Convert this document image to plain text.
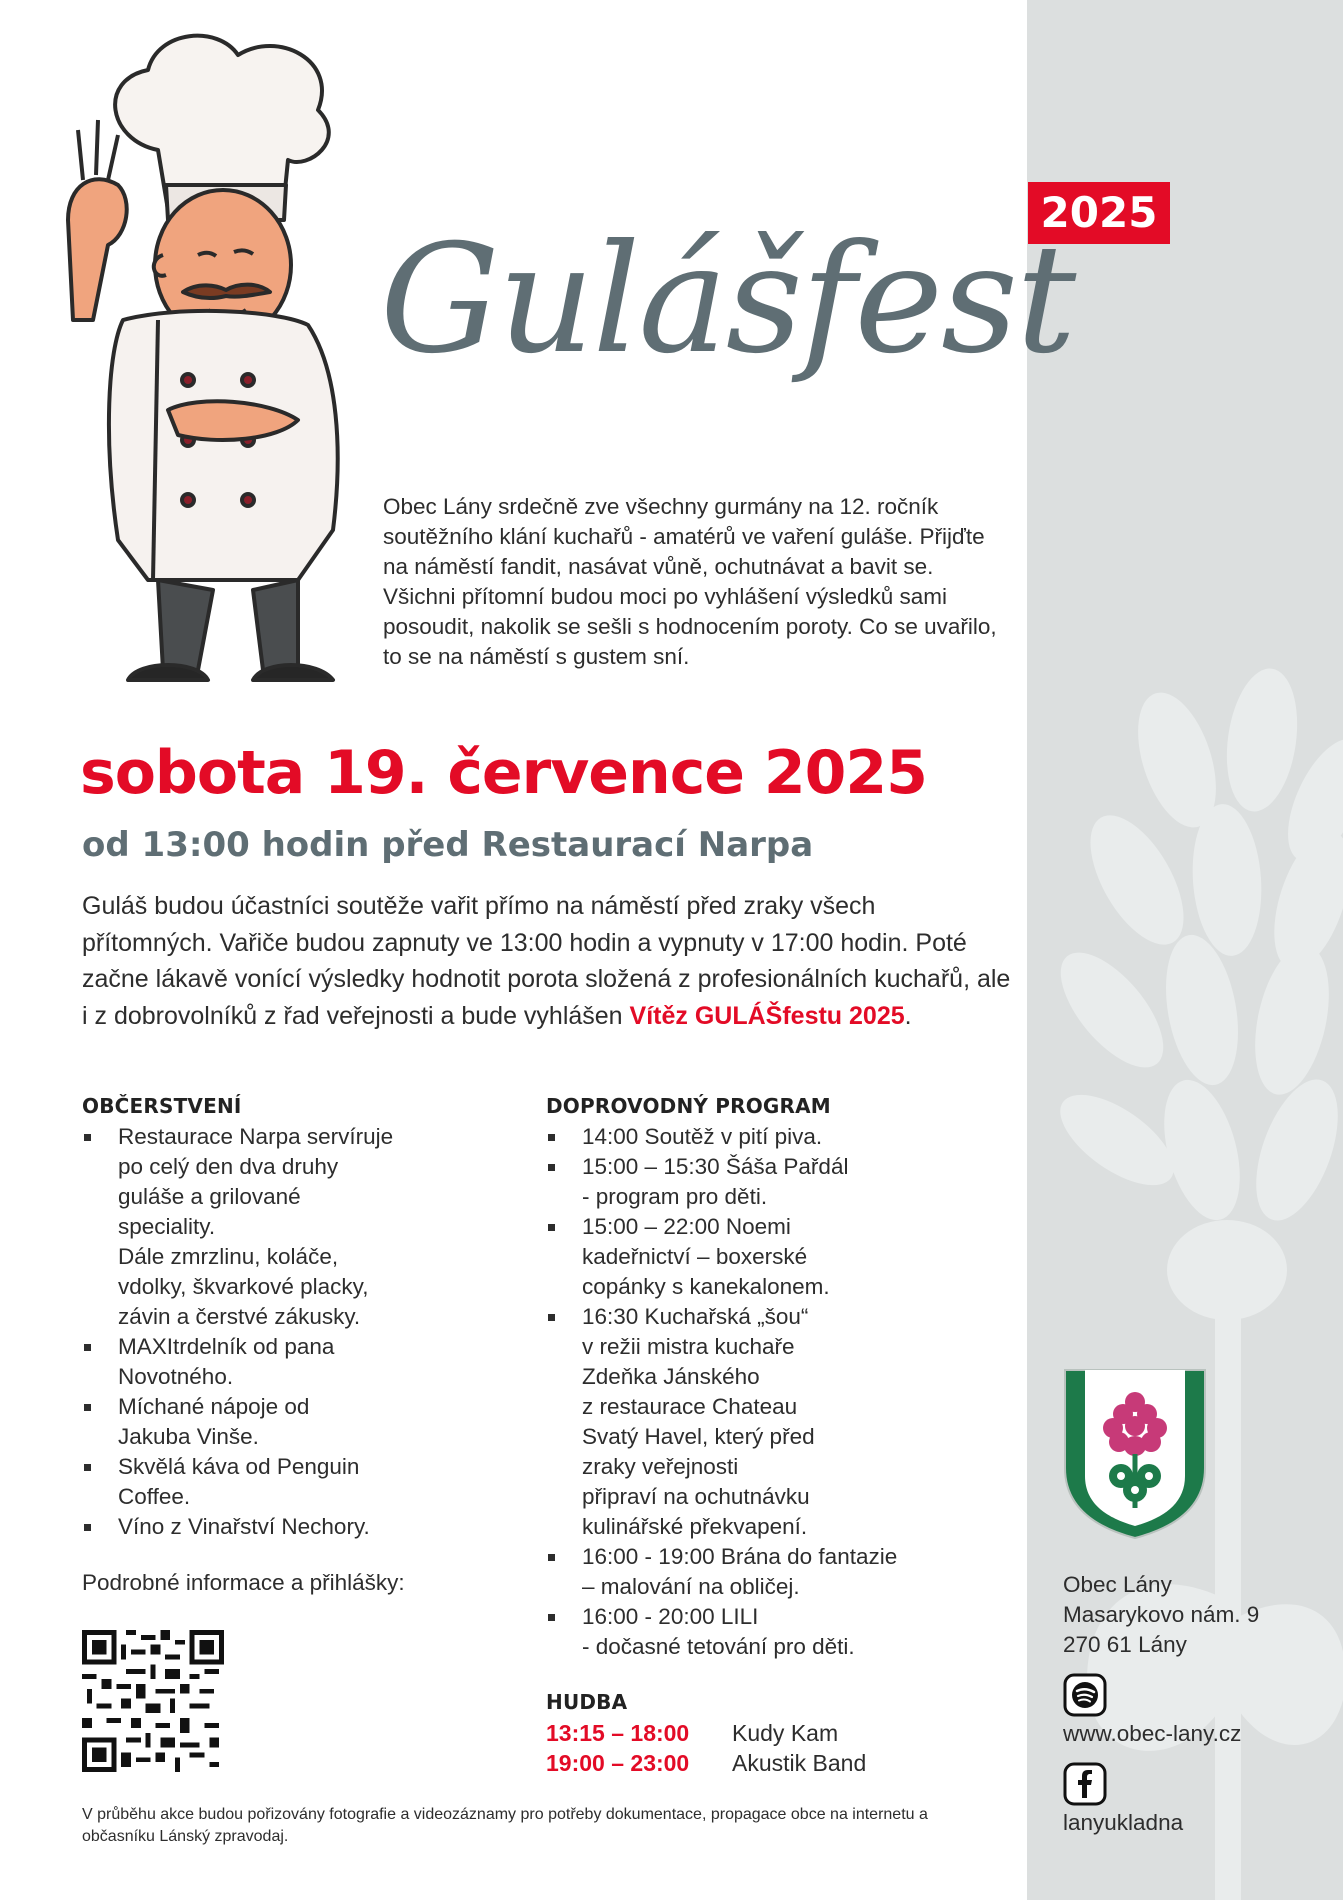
2025
Gulášfest
Obec Lány srdečně zve všechny gurmány na 12. ročník soutěžního klání kuchařů - amatérů ve vaření guláše. Přijďte na náměstí fandit, nasávat vůně, ochutnávat a bavit se. Všichni přítomní budou moci po vyhlášení výsledků sami posoudit, nakolik se sešli s hodnocením poroty. Co se uvařilo, to se na náměstí s gustem sní.
sobota 19. července 2025
od 13:00 hodin před Restaurací Narpa
Guláš budou účastníci soutěže vařit přímo na náměstí před zraky všech přítomných. Vařiče budou zapnuty ve 13:00 hodin a vypnuty v 17:00 hodin. Poté začne lákavě vonící výsledky hodnotit porota složená z profesionálních kuchařů, ale i z dobrovolníků z řad veřejnosti a bude vyhlášen Vítěz GULÁŠfestu 2025.
OBČERSTVENÍ
Restaurace Narpa servíruje
po celý den dva druhy
guláše a grilované
speciality.
Dále zmrzlinu, koláče,
vdolky, škvarkové placky,
závin a čerstvé zákusky.
MAXItrdelník od pana
Novotného.
Míchané nápoje od
Jakuba Vinše.
Skvělá káva od Penguin
Coffee.
Víno z Vinařství Nechory.
DOPROVODNÝ PROGRAM
14:00 Soutěž v pití piva.
15:00 – 15:30 Šáša Pařdál
- program pro děti.
15:00 – 22:00 Noemi
kadeřnictví – boxerské
copánky s kanekalonem.
16:30 Kuchařská „šou“
v režii mistra kuchaře
Zdeňka Jánského
z restaurace Chateau
Svatý Havel, který před
zraky veřejnosti
připraví na ochutnávku
kulinářské překvapení.
16:00 - 19:00 Brána do fantazie
– malování na obličej.
16:00 - 20:00 LILI
- dočasné tetování pro děti.
Podrobné informace a přihlášky:
HUDBA
13:15 – 18:00	Kudy Kam
19:00 – 23:00	Akustik Band
V průběhu akce budou pořizovány fotografie a videozáznamy pro potřeby dokumentace, propagace obce na internetu a občasníku Lánský zpravodaj.
Obec Lány
Masarykovo nám. 9
270 61 Lány
www.obec-lany.cz
lanyukladna
